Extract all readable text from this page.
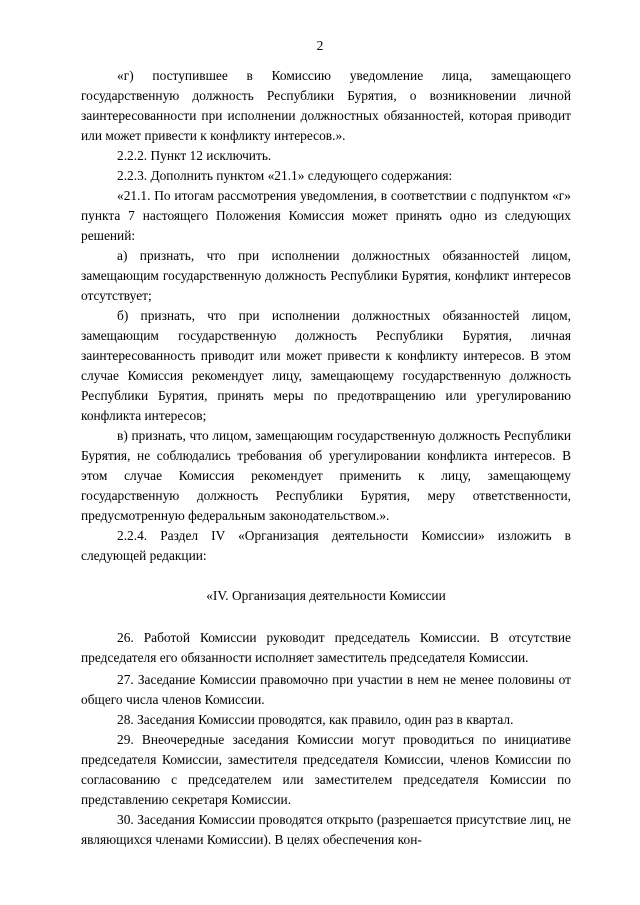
2

«г) поступившее в Комиссию уведомление лица, замещающего государственную должность Республики Бурятия, о возникновении личной заинтересованности при исполнении должностных обязанностей, которая приводит или может привести к конфликту интересов.».

2.2.2. Пункт 12 исключить.

2.2.3. Дополнить пунктом «21.1» следующего содержания:

«21.1. По итогам рассмотрения уведомления, в соответствии с подпунктом «г» пункта 7 настоящего Положения Комиссия может принять одно из следующих решений:

а) признать, что при исполнении должностных обязанностей лицом, замещающим государственную должность Республики Бурятия, конфликт интересов отсутствует;

б) признать, что при исполнении должностных обязанностей лицом, замещающим государственную должность Республики Бурятия, личная заинтересованность приводит или может привести к конфликту интересов. В этом случае Комиссия рекомендует лицу, замещающему государственную должность Республики Бурятия, принять меры по предотвращению или урегулированию конфликта интересов;

в) признать, что лицом, замещающим государственную должность Республики Бурятия, не соблюдались требования об урегулировании конфликта интересов. В этом случае Комиссия рекомендует применить к лицу, замещающему государственную должность Республики Бурятия, меру ответственности, предусмотренную федеральным законодательством.».

2.2.4. Раздел IV «Организация деятельности Комиссии» изложить в следующей редакции:

«IV. Организация деятельности Комиссии

26. Работой Комиссии руководит председатель Комиссии. В отсутствие председателя его обязанности исполняет заместитель председателя Комиссии.

27. Заседание Комиссии правомочно при участии в нем не менее половины от общего числа членов Комиссии.

28. Заседания Комиссии проводятся, как правило, один раз в квартал.

29. Внеочередные заседания Комиссии могут проводиться по инициативе председателя Комиссии, заместителя председателя Комиссии, членов Комиссии по согласованию с председателем или заместителем председателя Комиссии по представлению секретаря Комиссии.

30. Заседания Комиссии проводятся открыто (разрешается присутствие лиц, не являющихся членами Комиссии). В целях обеспечения кон-
